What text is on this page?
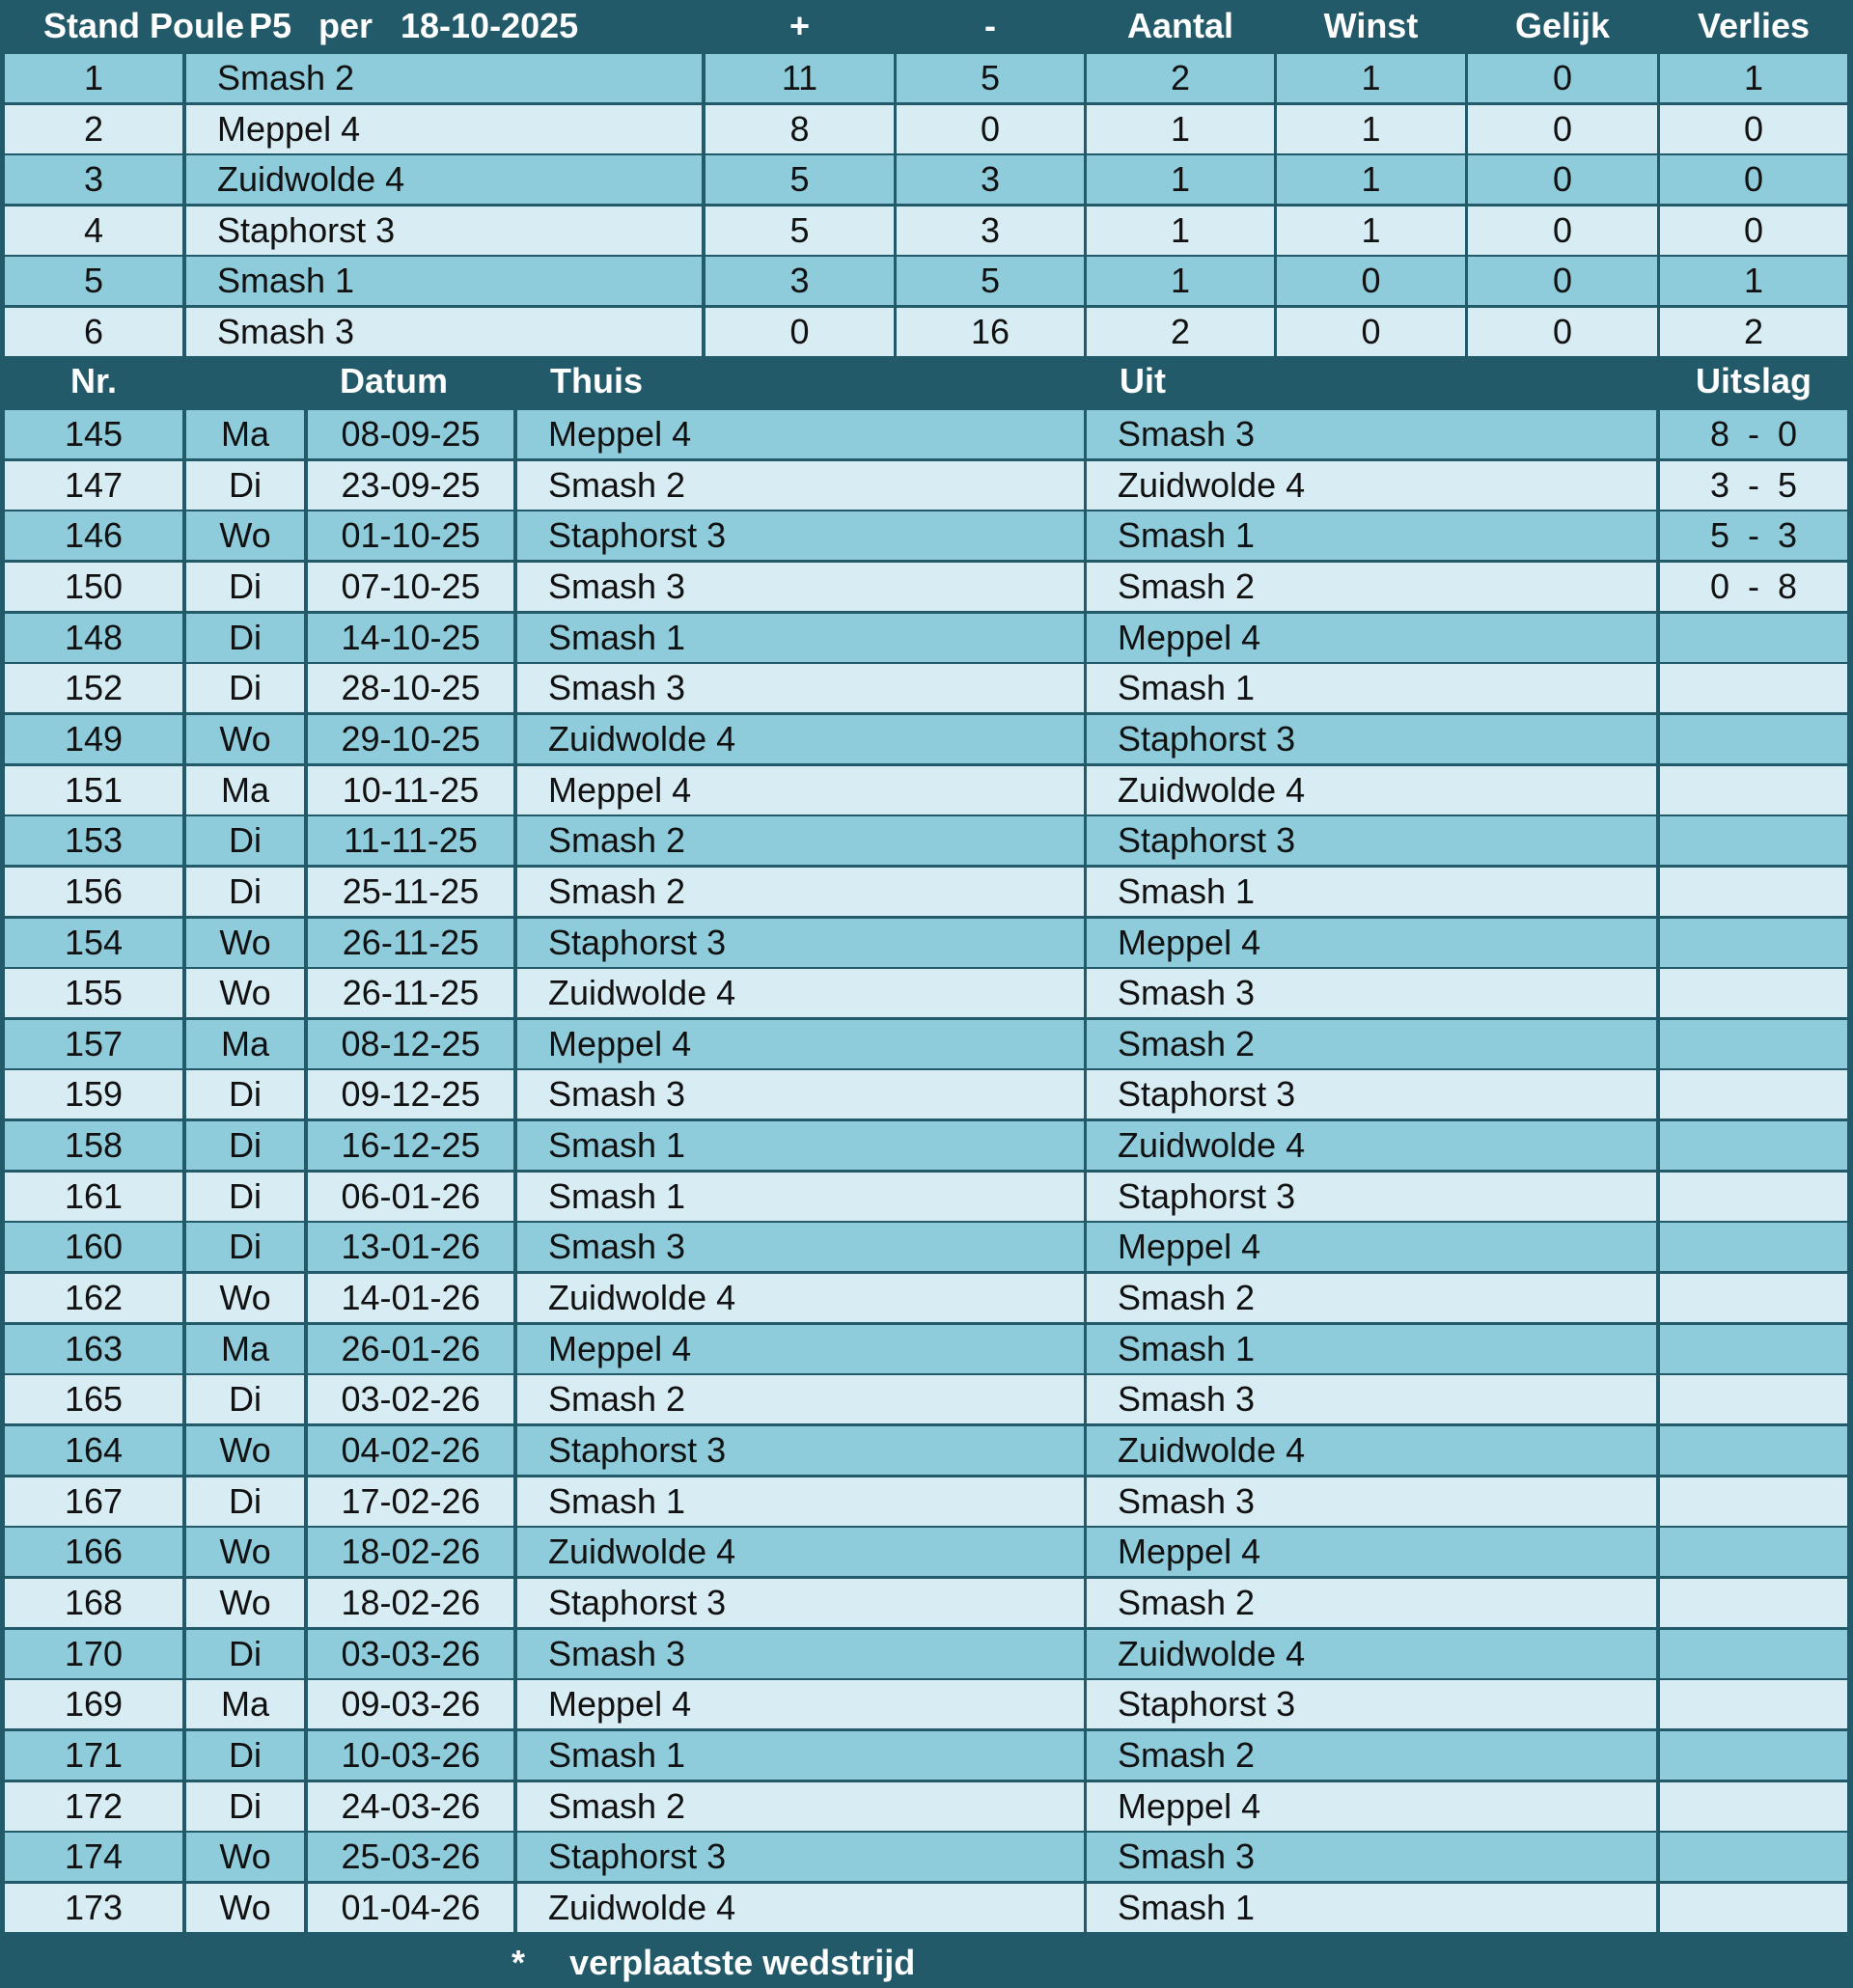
Stand Poule P5 per 18-10-2025	+	-	Aantal	Winst	Gelijk	Verlies
1	Smash 2	11	5	2	1	0	1
2	Meppel 4	8	0	1	1	0	0
3	Zuidwolde 4	5	3	1	1	0	0
4	Staphorst 3	5	3	1	1	0	0
5	Smash 1	3	5	1	0	0	1
6	Smash 3	0	16	2	0	0	2
Nr.	Datum	Thuis	Uit	Uitslag
145	Ma	08-09-25	Meppel 4	Smash 3	8 - 0
147	Di	23-09-25	Smash 2	Zuidwolde 4	3 - 5
146	Wo	01-10-25	Staphorst 3	Smash 1	5 - 3
150	Di	07-10-25	Smash 3	Smash 2	0 - 8
148	Di	14-10-25	Smash 1	Meppel 4
152	Di	28-10-25	Smash 3	Smash 1
149	Wo	29-10-25	Zuidwolde 4	Staphorst 3
151	Ma	10-11-25	Meppel 4	Zuidwolde 4
153	Di	11-11-25	Smash 2	Staphorst 3
156	Di	25-11-25	Smash 2	Smash 1
154	Wo	26-11-25	Staphorst 3	Meppel 4
155	Wo	26-11-25	Zuidwolde 4	Smash 3
157	Ma	08-12-25	Meppel 4	Smash 2
159	Di	09-12-25	Smash 3	Staphorst 3
158	Di	16-12-25	Smash 1	Zuidwolde 4
161	Di	06-01-26	Smash 1	Staphorst 3
160	Di	13-01-26	Smash 3	Meppel 4
162	Wo	14-01-26	Zuidwolde 4	Smash 2
163	Ma	26-01-26	Meppel 4	Smash 1
165	Di	03-02-26	Smash 2	Smash 3
164	Wo	04-02-26	Staphorst 3	Zuidwolde 4
167	Di	17-02-26	Smash 1	Smash 3
166	Wo	18-02-26	Zuidwolde 4	Meppel 4
168	Wo	18-02-26	Staphorst 3	Smash 2
170	Di	03-03-26	Smash 3	Zuidwolde 4
169	Ma	09-03-26	Meppel 4	Staphorst 3
171	Di	10-03-26	Smash 1	Smash 2
172	Di	24-03-26	Smash 2	Meppel 4
174	Wo	25-03-26	Staphorst 3	Smash 3
173	Wo	01-04-26	Zuidwolde 4	Smash 1
* verplaatste wedstrijd
